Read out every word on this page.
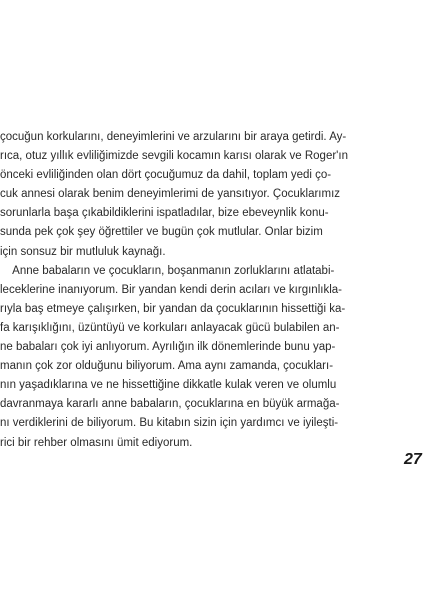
çocuğun korkularını, deneyimlerini ve arzularını bir araya getirdi. Ay-
rıca, otuz yıllık evliliğimizde sevgili kocamın karısı olarak ve Roger'ın
önceki evliliğinden olan dört çocuğumuz da dahil, toplam yedi ço-
cuk annesi olarak benim deneyimlerimi de yansıtıyor. Çocuklarımız
sorunlarla başa çıkabildiklerini ispatladılar, bize ebeveynlik konu-
sunda pek çok şey öğrettiler ve bugün çok mutlular. Onlar bizim
için sonsuz bir mutluluk kaynağı.
Anne babaların ve çocukların, boşanmanın zorluklarını atlatabi-
leceklerine inanıyorum. Bir yandan kendi derin acıları ve kırgınlıkla-
rıyla baş etmeye çalışırken, bir yandan da çocuklarının hissettiği ka-
fa karışıklığını, üzüntüyü ve korkuları anlayacak gücü bulabilen an-
ne babaları çok iyi anlıyorum. Ayrılığın ilk dönemlerinde bunu yap-
manın çok zor olduğunu biliyorum. Ama aynı zamanda, çocukları-
nın yaşadıklarına ve ne hissettiğine dikkatle kulak veren ve olumlu
davranmaya kararlı anne babaların, çocuklarına en büyük armağa-
nı verdiklerini de biliyorum. Bu kitabın sizin için yardımcı ve iyileşti-
rici bir rehber olmasını ümit ediyorum.
27
